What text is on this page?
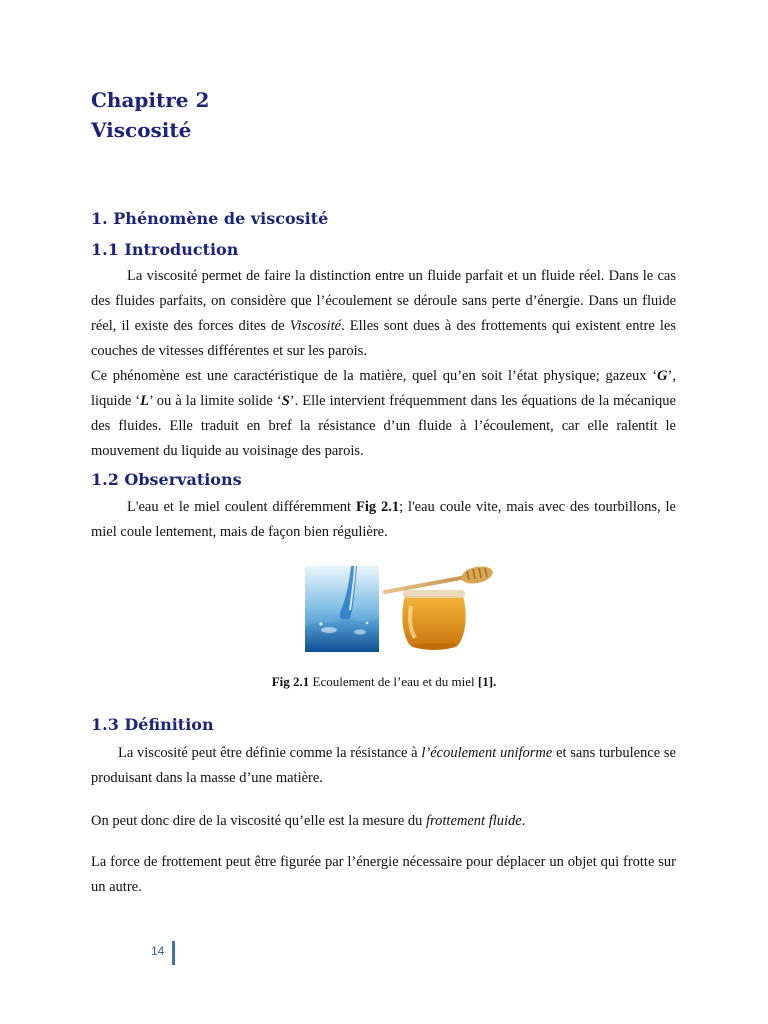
Chapitre 2
Viscosité
1. Phénomène de viscosité
1.1 Introduction

La viscosité permet de faire la distinction entre un fluide parfait et un fluide réel. Dans le cas des fluides parfaits, on considère que l’écoulement se déroule sans perte d’énergie. Dans un fluide réel, il existe des forces dites de Viscosité. Elles sont dues à des frottements qui existent entre les couches de vitesses différentes et sur les parois.

Ce phénomène est une caractéristique de la matière, quel qu’en soit l’état physique; gazeux ‘G’, liquide ‘L’ ou à la limite solide ‘S’. Elle intervient fréquemment dans les équations de la mécanique des fluides. Elle traduit en bref la résistance d’un fluide à l’écoulement, car elle ralentit le mouvement du liquide au voisinage des parois.

1.2 Observations

L'eau et le miel coulent différemment Fig 2.1; l'eau coule vite, mais avec des tourbillons, le miel coule lentement, mais de façon bien régulière.

Fig 2.1 Ecoulement de l’eau et du miel [1].
1.3 Définition

La viscosité peut être définie comme la résistance à l’écoulement uniforme et sans turbulence se produisant dans la masse d’une matière.

On peut donc dire de la viscosité qu’elle est la mesure du frottement fluide.

La force de frottement peut être figurée par l’énergie nécessaire pour déplacer un objet qui frotte sur un autre.

14
